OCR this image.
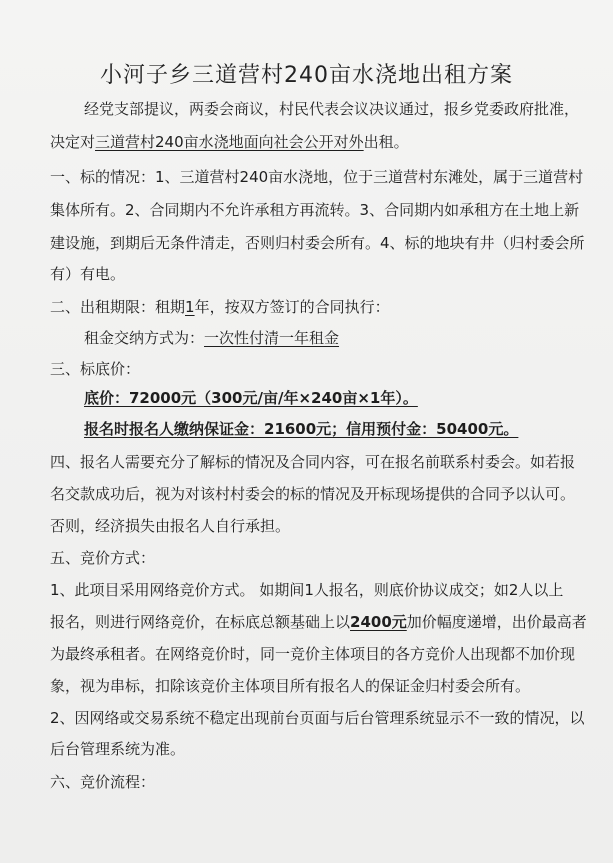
小河子乡三道营村240亩水浇地出租方案
经党支部提议，两委会商议，村民代表会议决议通过，报乡党委政府批准，
决定对三道营村240亩水浇地面向社会公开对外出租。
一、标的情况：1、三道营村240亩水浇地，位于三道营村东滩处，属于三道营村
集体所有。2、合同期内不允许承租方再流转。3、合同期内如承租方在土地上新
建设施，到期后无条件清走，否则归村委会所有。4、标的地块有井（归村委会所
有）有电。
二、出租期限：租期1年，按双方签订的合同执行：
租金交纳方式为：一次性付清一年租金
三、标底价：
底价：72000元（300元/亩/年×240亩×1年）。
报名时报名人缴纳保证金：21600元；信用预付金：50400元。
四、报名人需要充分了解标的情况及合同内容，可在报名前联系村委会。如若报
名交款成功后，视为对该村村委会的标的情况及开标现场提供的合同予以认可。
否则，经济损失由报名人自行承担。
五、竞价方式：
1、此项目采用网络竞价方式。 如期间1人报名，则底价协议成交；如2人以上
报名，则进行网络竞价，在标底总额基础上以2400元加价幅度递增，出价最高者
为最终承租者。在网络竞价时，同一竞价主体项目的各方竞价人出现都不加价现
象，视为串标，扣除该竞价主体项目所有报名人的保证金归村委会所有。
2、因网络或交易系统不稳定出现前台页面与后台管理系统显示不一致的情况，以
后台管理系统为准。
六、竞价流程：
